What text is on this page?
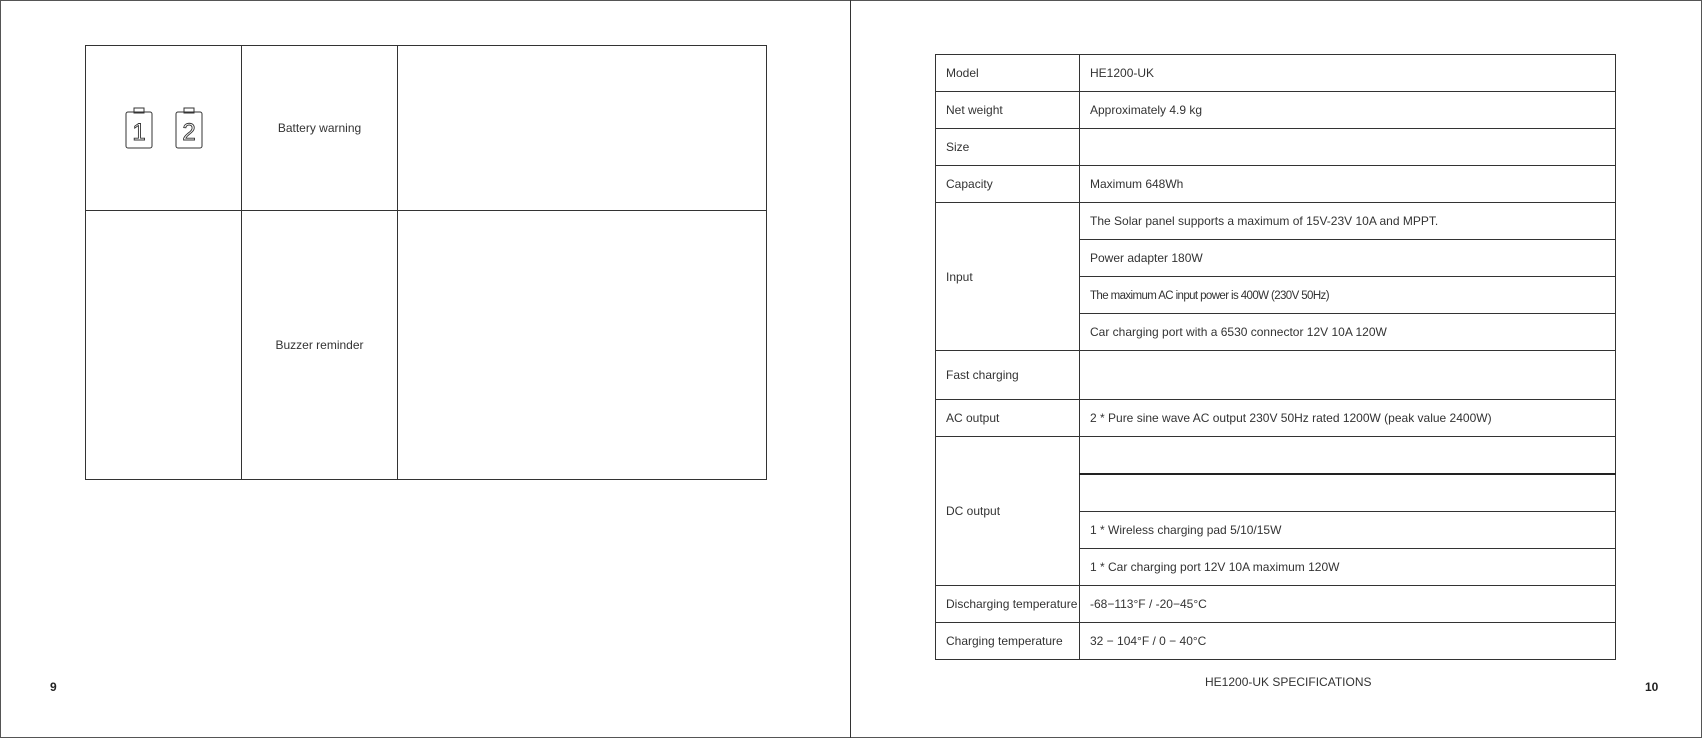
1 2	Battery warning	
	Buzzer reminder	
9
Model	HE1200-UK
Net weight	Approximately 4.9 kg
Size	
Capacity	Maximum 648Wh
Input	The Solar panel supports a maximum of 15V-23V 10A and MPPT.
	Power adapter 180W
	The maximum AC input power is 400W (230V 50Hz)
	Car charging port with a 6530 connector 12V 10A 120W
Fast charging	
AC output	2 * Pure sine wave AC output 230V 50Hz rated 1200W (peak value 2400W)
DC output	

	1 * Wireless charging pad 5/10/15W
	1 * Car charging port 12V 10A maximum 120W
Discharging temperature	-68−113°F / -20−45°C
Charging temperature	32 − 104°F / 0 − 40°C
HE1200-UK SPECIFICATIONS	10
